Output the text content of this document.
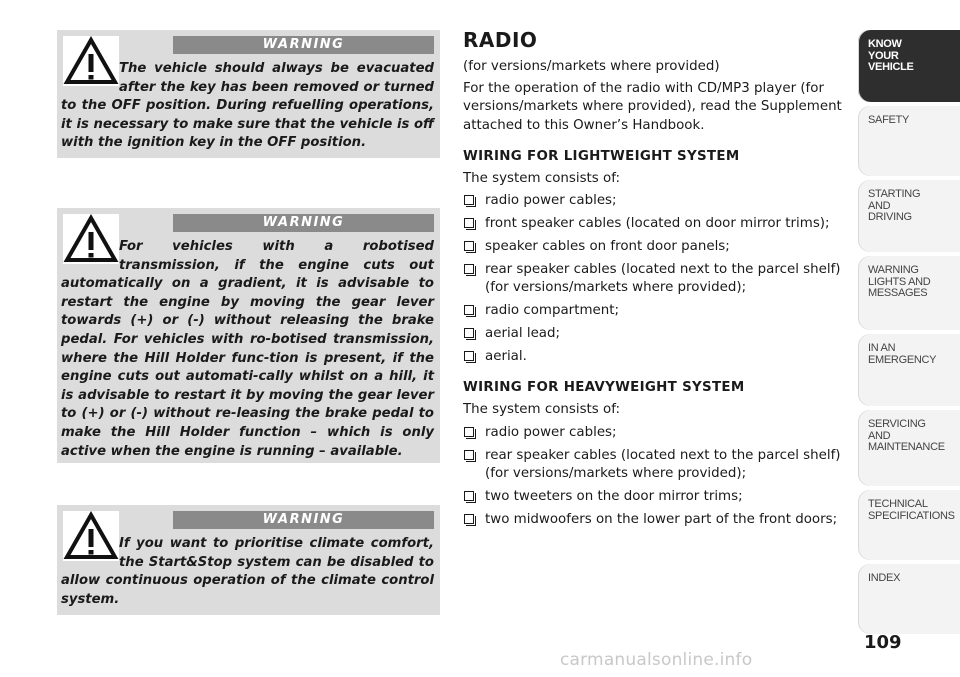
WARNING
The vehicle should always be evacuated after the key has been removed or turned to the OFF position. During refuelling operations, it is necessary to make sure that the vehicle is off with the ignition key in the OFF position.
WARNING
For vehicles with a robotised transmission, if the engine cuts out automatically on a gradient, it is advisable to restart the engine by moving the gear lever towards (+) or (-) without releasing the brake pedal. For vehicles with ro-botised transmission, where the Hill Holder func-tion is present, if the engine cuts out automati-cally whilst on a hill, it is advisable to restart it by moving the gear lever to (+) or (-) without re-leasing the brake pedal to make the Hill Holder function – which is only active when the engine is running – available.
WARNING
If you want to prioritise climate comfort, the Start&Stop system can be disabled to allow continuous operation of the climate control system.
RADIO
(for versions/markets where provided)
For the operation of the radio with CD/MP3 player (for versions/markets where provided), read the Supplement attached to this Owner’s Handbook.
WIRING FOR LIGHTWEIGHT SYSTEM
The system consists of:
radio power cables;
front speaker cables (located on door mirror trims);
speaker cables on front door panels;
rear speaker cables (located next to the parcel shelf) (for versions/markets where provided);
radio compartment;
aerial lead;
aerial.
WIRING FOR HEAVYWEIGHT SYSTEM
The system consists of:
radio power cables;
rear speaker cables (located next to the parcel shelf) (for versions/markets where provided);
two tweeters on the door mirror trims;
two midwoofers on the lower part of the front doors;
KNOW
YOUR
VEHICLE
SAFETY
STARTING
AND
DRIVING
WARNING
LIGHTS AND
MESSAGES
IN AN
EMERGENCY
SERVICING
AND
MAINTENANCE
TECHNICAL
SPECIFICATIONS
INDEX
109
carmanualsonline.info
